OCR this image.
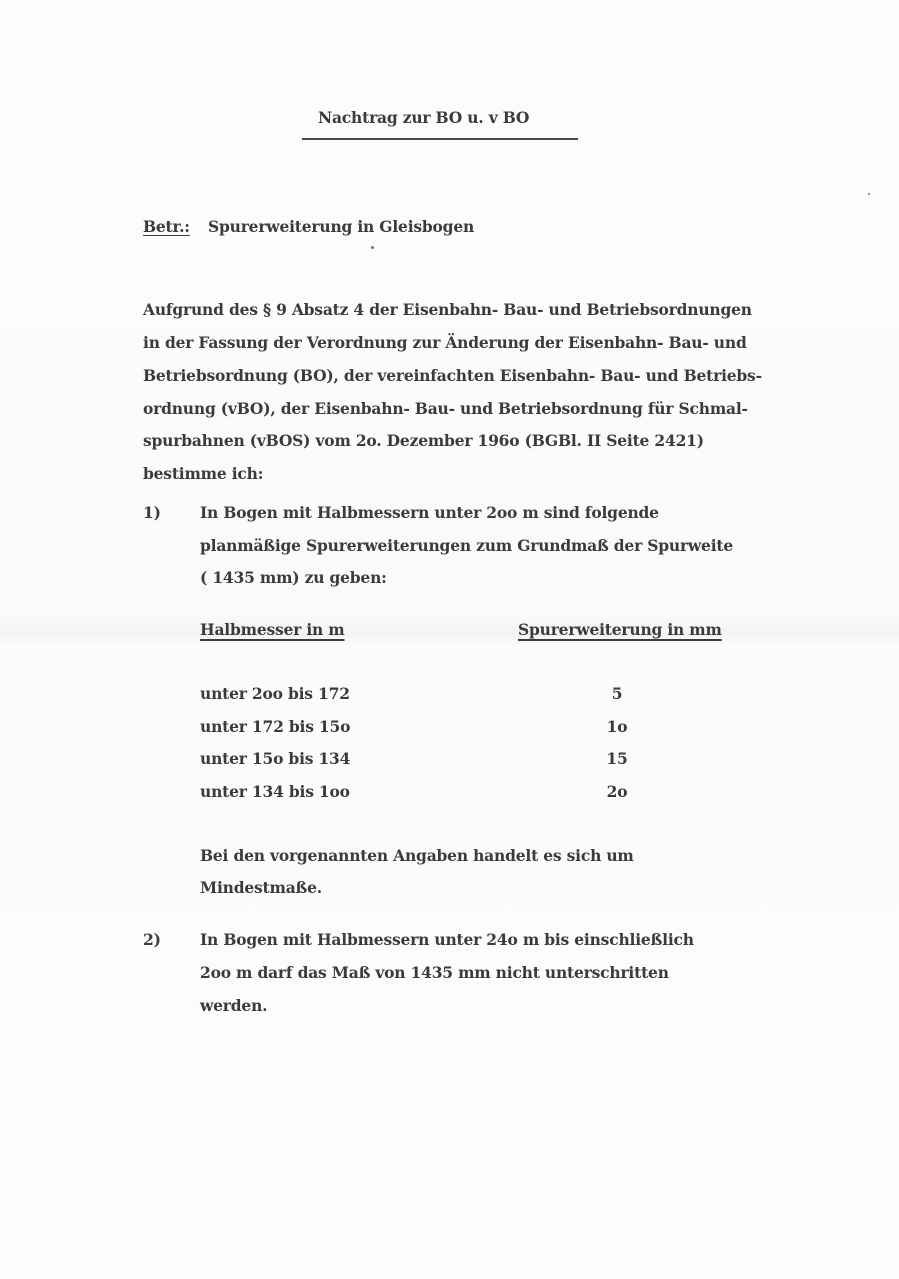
Nachtrag zur BO u. v BO
Betr.: Spurerweiterung in Gleisbogen
Aufgrund des § 9 Absatz 4 der Eisenbahn- Bau- und Betriebsordnungen
in der Fassung der Verordnung zur Änderung der Eisenbahn- Bau- und
Betriebsordnung (BO), der vereinfachten Eisenbahn- Bau- und Betriebs-
ordnung (vBO), der Eisenbahn- Bau- und Betriebsordnung für Schmal-
spurbahnen (vBOS) vom 2o. Dezember 196o (BGBl. II Seite 2421)
bestimme ich:
1)	In Bogen mit Halbmessern unter 2oo m sind folgende
planmäßige Spurerweiterungen zum Grundmaß der Spurweite
( 1435 mm) zu geben:
Halbmesser in m	Spurerweiterung in mm
unter 2oo bis 172	5
unter 172 bis 15o	1o
unter 15o bis 134	15
unter 134 bis 1oo	2o
Bei den vorgenannten Angaben handelt es sich um
Mindestmaße.
2)	In Bogen mit Halbmessern unter 24o m bis einschließlich
2oo m darf das Maß von 1435 mm nicht unterschritten
werden.
